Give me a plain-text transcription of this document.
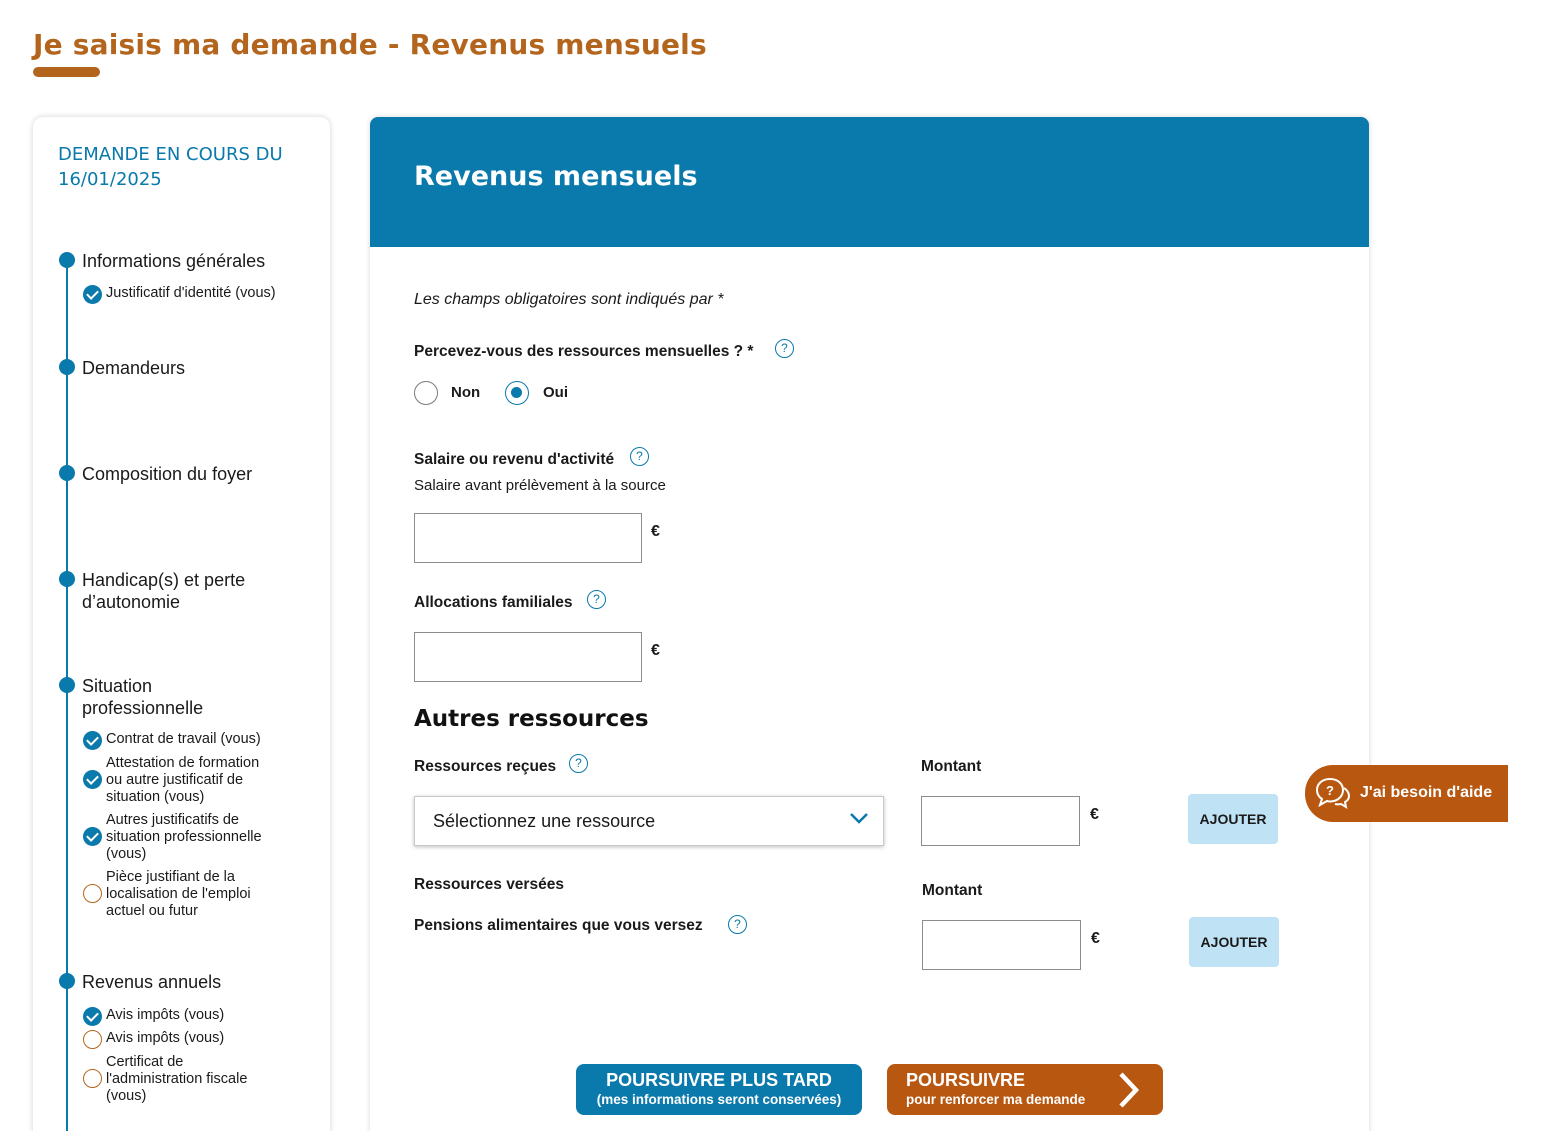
Je saisis ma demande - Revenus mensuels
DEMANDE EN COURS DU 16/01/2025
Informations générales
Justificatif d'identité (vous)
Demandeurs
Composition du foyer
Handicap(s) et perte d’autonomie
Situation professionnelle
Contrat de travail (vous)
Attestation de formation ou autre justificatif de situation (vous)
Autres justificatifs de situation professionnelle (vous)
Pièce justifiant de la localisation de l'emploi actuel ou futur
Revenus annuels
Avis impôts (vous)
Avis impôts (vous)
Certificat de l'administration fiscale (vous)
Revenus mensuels
Les champs obligatoires sont indiqués par *
Percevez-vous des ressources mensuelles ? *	?
Non	Oui
Salaire ou revenu d'activité	?
Salaire avant prélèvement à la source
€
Allocations familiales	?
€
Autres ressources
Ressources reçues	?	Montant
Sélectionnez une ressource	€	AJOUTER
Ressources versées	Montant
Pensions alimentaires que vous versez	?
€	AJOUTER
POURSUIVRE PLUS TARD
(mes informations seront conservées)
POURSUIVRE
pour renforcer ma demande
? J'ai besoin d'aide
